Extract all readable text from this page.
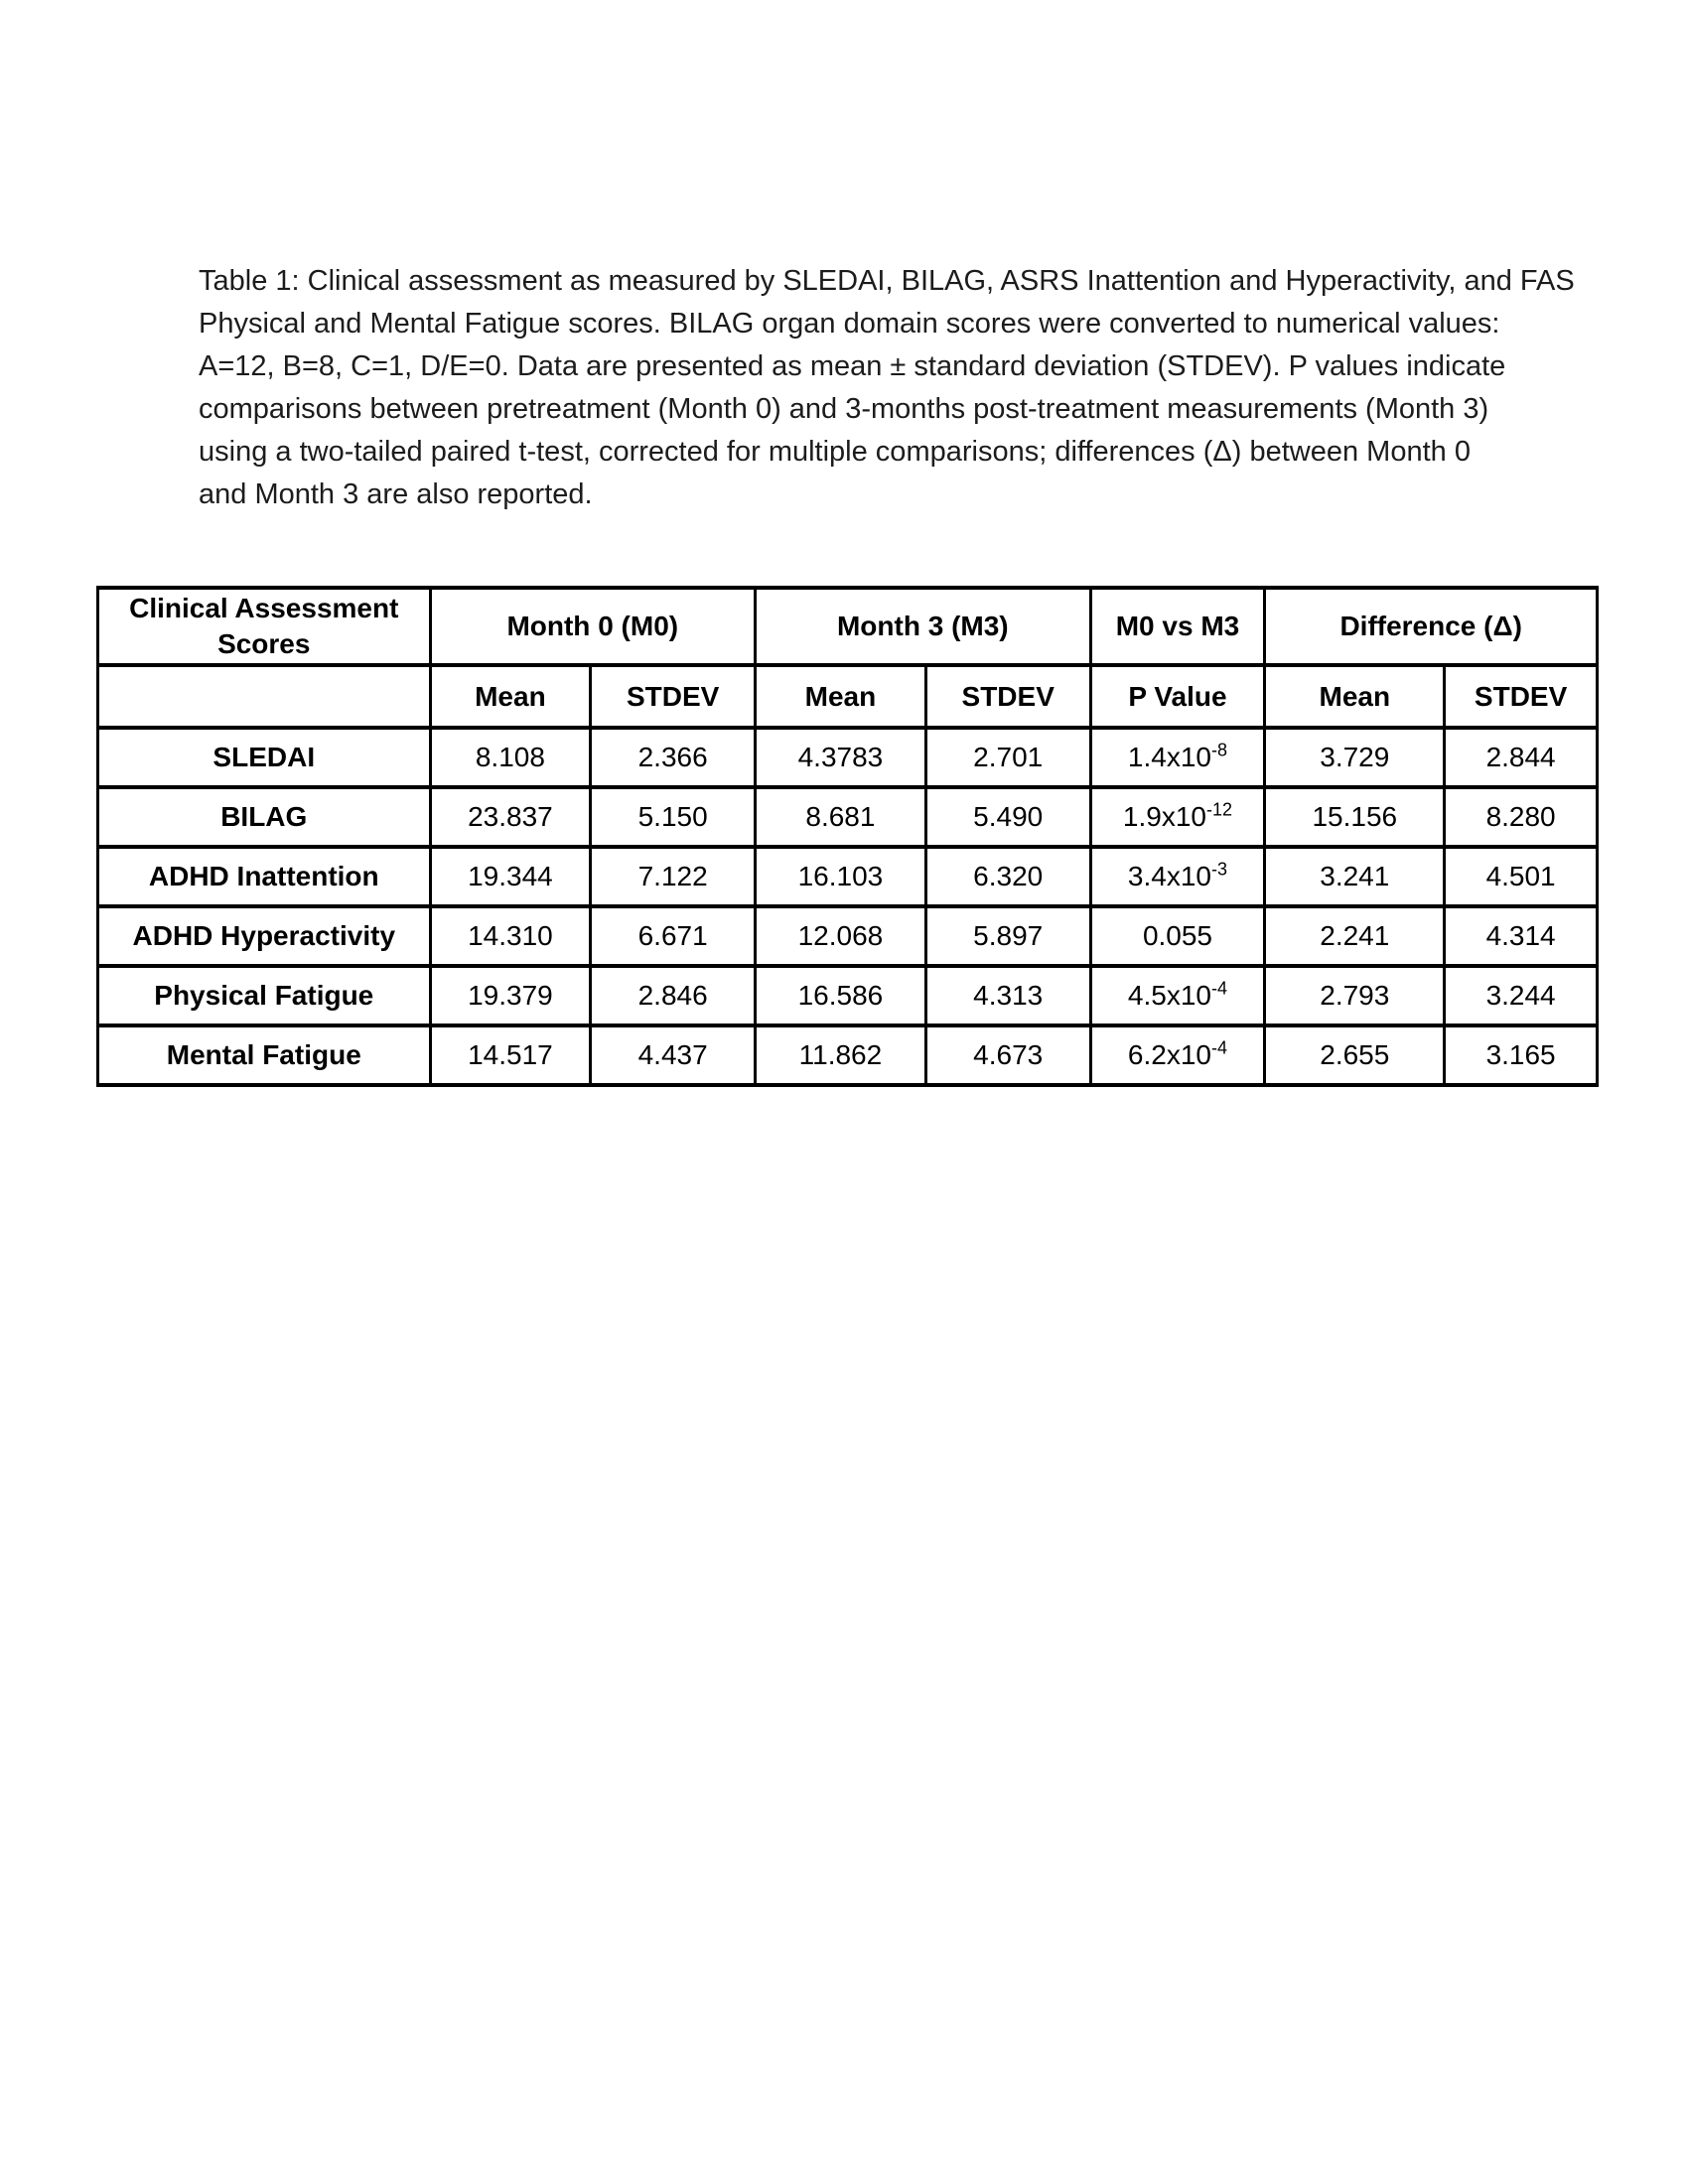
Table 1: Clinical assessment as measured by SLEDAI, BILAG, ASRS Inattention and Hyperactivity, and FAS
Physical and Mental Fatigue scores. BILAG organ domain scores were converted to numerical values:
A=12, B=8, C=1, D/E=0. Data are presented as mean ± standard deviation (STDEV). P values indicate
comparisons between pretreatment (Month 0) and 3-months post-treatment measurements (Month 3)
using a two-tailed paired t-test, corrected for multiple comparisons; differences (Δ) between Month 0
and Month 3 are also reported.
Clinical Assessment Scores	Month 0 (M0)		Month 3 (M3)		M0 vs M3	Difference (Δ)	
	Mean	STDEV	Mean	STDEV	P Value	Mean	STDEV
SLEDAI	8.108	2.366	4.3783	2.701	$1.4x10^{-8}$	3.729	2.844
BILAG	23.837	5.150	8.681	5.490	$1.9x10^{-12}$	15.156	8.280
ADHD Inattention	19.344	7.122	16.103	6.320	$3.4x10^{-3}$	3.241	4.501
ADHD Hyperactivity	14.310	6.671	12.068	5.897	0.055	2.241	4.314
Physical Fatigue	19.379	2.846	16.586	4.313	$4.5x10^{-4}$	2.793	3.244
Mental Fatigue	14.517	4.437	11.862	4.673	$6.2x10^{-4}$	2.655	3.165
